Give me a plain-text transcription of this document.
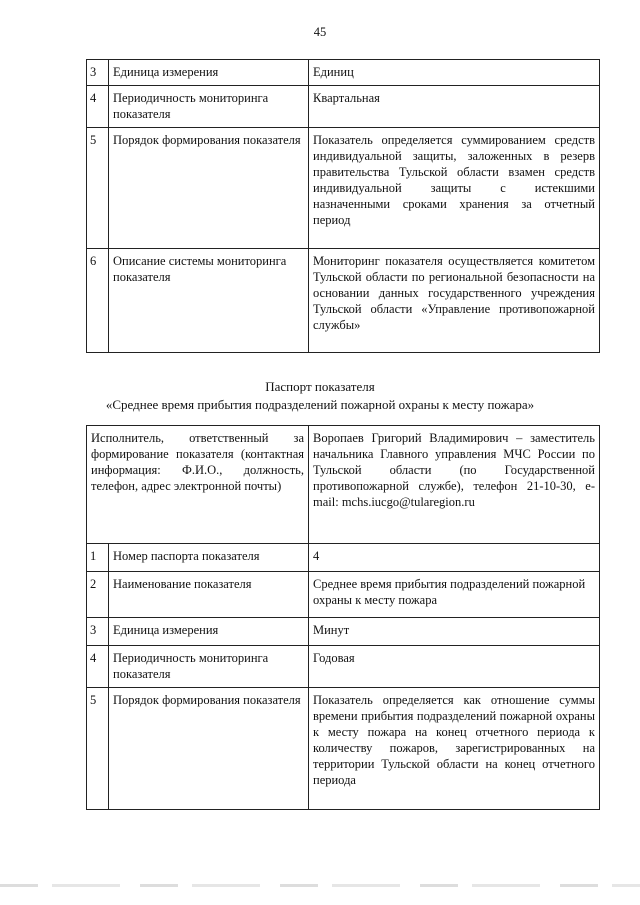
45
3	Единица измерения	Единиц
4	Периодичность мониторинга показателя	Квартальная
5	Порядок формирования показателя	Показатель определяется суммированием средств индивидуальной защиты, заложенных в резерв правительства Тульской области взамен средств индивидуальной защиты с истекшими назначенными сроками хранения за отчетный период
6	Описание системы мониторинга показателя	Мониторинг показателя осуществляется комитетом Тульской области по региональной безопасности на основании данных государственного учреждения Тульской области «Управление противопожарной службы»
Паспорт показателя
«Среднее время прибытия подразделений пожарной охраны к месту пожара»
Исполнитель, ответственный за формирование показателя (контактная информация: Ф.И.О., должность, телефон, адрес электронной почты)		Воропаев Григорий Владимирович – заместитель начальника Главного управления МЧС России по Тульской области (по Государственной противопожарной службе), телефон 21-10-30, e-mail: mchs.iucgo@tularegion.ru
1	Номер паспорта показателя	4
2	Наименование показателя	Среднее время прибытия подразделений пожарной охраны к месту пожара
3	Единица измерения	Минут
4	Периодичность мониторинга показателя	Годовая
5	Порядок формирования показателя	Показатель определяется как отношение суммы времени прибытия подразделений пожарной охраны к месту пожара на конец отчетного периода к количеству пожаров, зарегистрированных на территории Тульской области на конец отчетного периода
